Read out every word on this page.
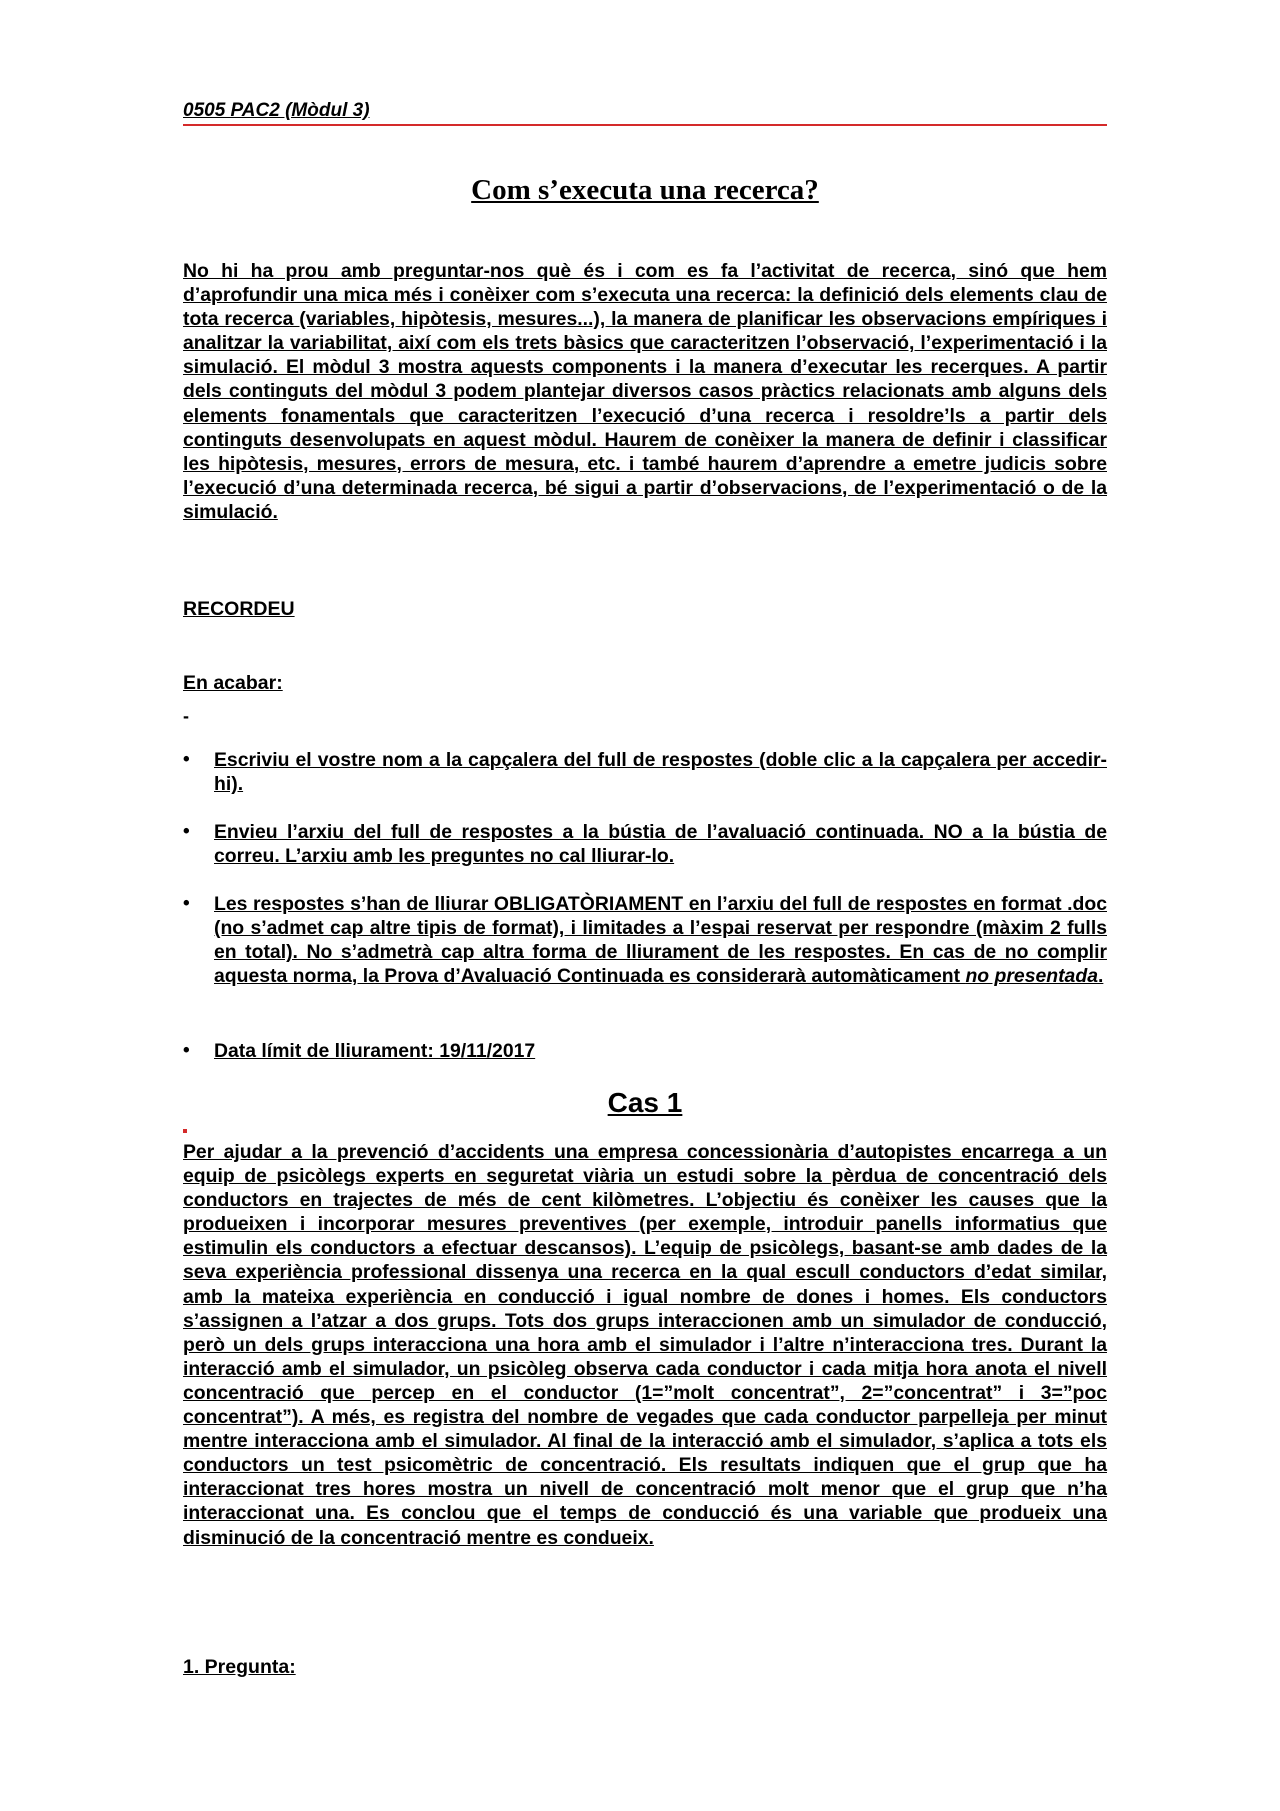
0505 PAC2 (Mòdul 3)
Com s’executa una recerca?

No hi ha prou amb preguntar-nos què és i com es fa l’activitat de recerca, sinó que hem d’aprofundir una mica més i conèixer com s’executa una recerca: la definició dels elements clau de tota recerca (variables, hipòtesis, mesures...), la manera de planificar les observacions empíriques i analitzar la variabilitat, així com els trets bàsics que caracteritzen l’observació, l’experimentació i la simulació. El mòdul 3 mostra aquests components i la manera d’executar les recerques. A partir dels continguts del mòdul 3 podem plantejar diversos casos pràctics relacionats amb alguns dels elements fonamentals que caracteritzen l’execució d’una recerca i resoldre’ls a partir dels continguts desenvolupats en aquest mòdul. Haurem de conèixer la manera de definir i classificar les hipòtesis, mesures, errors de mesura, etc. i també haurem d’aprendre a emetre judicis sobre l’execució d’una determinada recerca, bé sigui a partir d’observacions, de l’experimentació o de la simulació.

RECORDEU
En acabar:
-
• Escriviu el vostre nom a la capçalera del full de respostes (doble clic a la capçalera per accedir-hi).
• Envieu l’arxiu del full de respostes a la bústia de l’avaluació continuada. NO a la bústia de correu. L’arxiu amb les preguntes no cal lliurar-lo.
• Les respostes s’han de lliurar OBLIGATÒRIAMENT en l’arxiu del full de respostes en format .doc (no s’admet cap altre tipis de format), i limitades a l’espai reservat per respondre (màxim 2 fulls en total). No s’admetrà cap altra forma de lliurament de les respostes. En cas de no complir aquesta norma, la Prova d’Avaluació Continuada es considerarà automàticament no presentada.
• Data límit de lliurament: 19/11/2017
Cas 1

Per ajudar a la prevenció d’accidents una empresa concessionària d’autopistes encarrega a un equip de psicòlegs experts en seguretat viària un estudi sobre la pèrdua de concentració dels conductors en trajectes de més de cent kilòmetres. L’objectiu és conèixer les causes que la produeixen i incorporar mesures preventives (per exemple, introduir panells informatius que estimulin els conductors a efectuar descansos). L’equip de psicòlegs, basant-se amb dades de la seva experiència professional dissenya una recerca en la qual escull conductors d’edat similar, amb la mateixa experiència en conducció i igual nombre de dones i homes. Els conductors s’assignen a l’atzar a dos grups. Tots dos grups interaccionen amb un simulador de conducció, però un dels grups interacciona una hora amb el simulador i l’altre n’interacciona tres. Durant la interacció amb el simulador, un psicòleg observa cada conductor i cada mitja hora anota el nivell concentració que percep en el conductor (1=”molt concentrat”, 2=”concentrat” i 3=”poc concentrat”). A més, es registra del nombre de vegades que cada conductor parpelleja per minut mentre interacciona amb el simulador. Al final de la interacció amb el simulador, s’aplica a tots els conductors un test psicomètric de concentració. Els resultats indiquen que el grup que ha interaccionat tres hores mostra un nivell de concentració molt menor que el grup que n’ha interaccionat una. Es conclou que el temps de conducció és una variable que produeix una disminució de la concentració mentre es condueix.

1. Pregunta:
